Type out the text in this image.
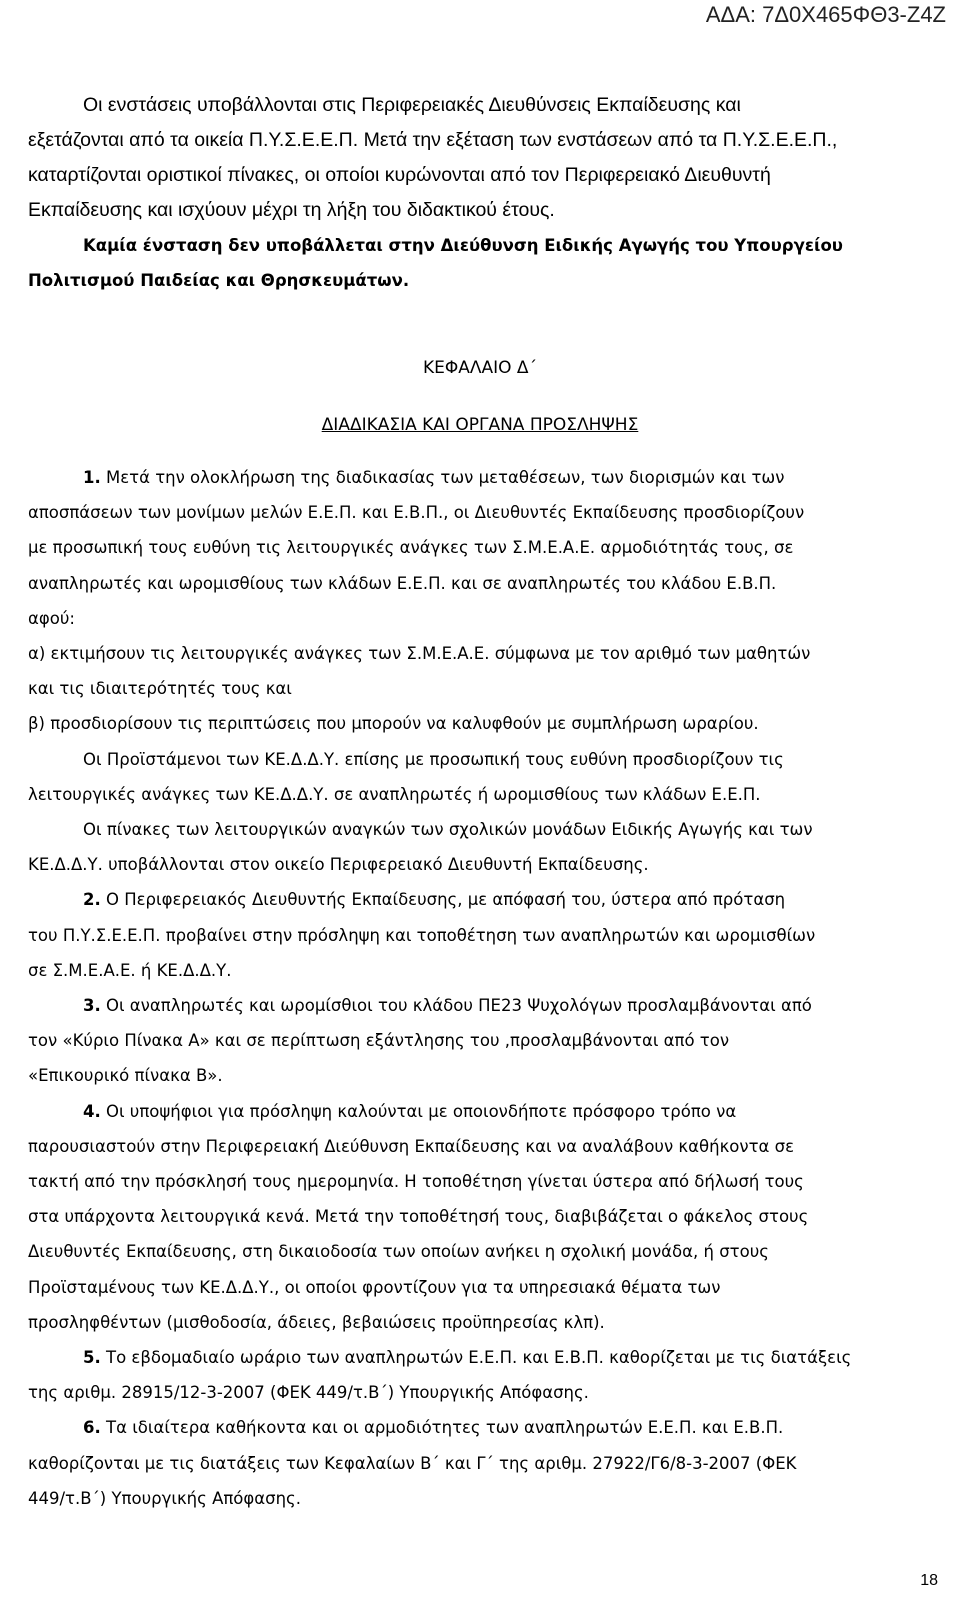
ΑΔΑ: 7Δ0Χ465ΦΘ3-Ζ4Ζ

Οι ενστάσεις υποβάλλονται στις Περιφερειακές Διευθύνσεις Εκπαίδευσης και

εξετάζονται από τα οικεία Π.Υ.Σ.Ε.Ε.Π. Μετά την εξέταση των ενστάσεων από τα Π.Υ.Σ.Ε.Ε.Π.,

καταρτίζονται οριστικοί πίνακες, οι οποίοι κυρώνονται από τον Περιφερειακό Διευθυντή

Εκπαίδευσης και ισχύουν μέχρι τη λήξη του διδακτικού έτους.

Καμία ένσταση δεν υποβάλλεται στην Διεύθυνση Ειδικής Αγωγής του Υπουργείου

Πολιτισμού Παιδείας και Θρησκευμάτων.

ΚΕΦΑΛΑΙΟ Δ΄
ΔΙΑΔΙΚΑΣΙΑ ΚΑΙ ΟΡΓΑΝΑ ΠΡΟΣΛΗΨΗΣ

1. Μετά την ολοκλήρωση της διαδικασίας των μεταθέσεων, των διορισμών και των

αποσπάσεων των μονίμων μελών Ε.Ε.Π. και Ε.Β.Π., οι Διευθυντές Εκπαίδευσης προσδιορίζουν

με προσωπική τους ευθύνη τις λειτουργικές ανάγκες των Σ.Μ.Ε.Α.Ε. αρμοδιότητάς τους, σε

αναπληρωτές και ωρομισθίους των κλάδων Ε.Ε.Π. και σε αναπληρωτές του κλάδου Ε.Β.Π.

αφού:

α) εκτιμήσουν τις λειτουργικές ανάγκες των Σ.Μ.Ε.Α.Ε. σύμφωνα με τον αριθμό των μαθητών

και τις ιδιαιτερότητές τους και

β) προσδιορίσουν τις περιπτώσεις που μπορούν να καλυφθούν με συμπλήρωση ωραρίου.

Οι Προϊστάμενοι των ΚΕ.Δ.Δ.Υ. επίσης με προσωπική τους ευθύνη προσδιορίζουν τις

λειτουργικές ανάγκες των ΚΕ.Δ.Δ.Υ. σε αναπληρωτές ή ωρομισθίους των κλάδων Ε.Ε.Π.

Οι πίνακες των λειτουργικών αναγκών των σχολικών μονάδων Ειδικής Αγωγής και των

ΚΕ.Δ.Δ.Υ. υποβάλλονται στον οικείο Περιφερειακό Διευθυντή Εκπαίδευσης.

2. Ο Περιφερειακός Διευθυντής Εκπαίδευσης, με απόφασή του, ύστερα από πρόταση

του Π.Υ.Σ.Ε.Ε.Π. προβαίνει στην πρόσληψη και τοποθέτηση των αναπληρωτών και ωρομισθίων

σε Σ.Μ.Ε.Α.Ε. ή ΚΕ.Δ.Δ.Υ.

3. Οι αναπληρωτές και ωρομίσθιοι του κλάδου ΠΕ23 Ψυχολόγων προσλαμβάνονται από

τον «Κύριο Πίνακα Α» και σε περίπτωση εξάντλησης του ,προσλαμβάνονται από τον

«Επικουρικό πίνακα Β».

4. Οι υποψήφιοι για πρόσληψη καλούνται με οποιονδήποτε πρόσφορο τρόπο να

παρουσιαστούν στην Περιφερειακή Διεύθυνση Εκπαίδευσης και να αναλάβουν καθήκοντα σε

τακτή από την πρόσκλησή τους ημερομηνία. Η τοποθέτηση γίνεται ύστερα από δήλωσή τους

στα υπάρχοντα λειτουργικά κενά. Μετά την τοποθέτησή τους, διαβιβάζεται ο φάκελος στους

Διευθυντές Εκπαίδευσης, στη δικαιοδοσία των οποίων ανήκει η σχολική μονάδα, ή στους

Προϊσταμένους των ΚΕ.Δ.Δ.Υ., οι οποίοι φροντίζουν για τα υπηρεσιακά θέματα των

προσληφθέντων (μισθοδοσία, άδειες, βεβαιώσεις προϋπηρεσίας κλπ).

5. Το εβδομαδιαίο ωράριο των αναπληρωτών Ε.Ε.Π. και Ε.Β.Π. καθορίζεται με τις διατάξεις

της αριθμ. 28915/12-3-2007 (ΦΕΚ 449/τ.Β΄) Υπουργικής Απόφασης.

6. Τα ιδιαίτερα καθήκοντα και οι αρμοδιότητες των αναπληρωτών Ε.Ε.Π. και Ε.Β.Π.

καθορίζονται με τις διατάξεις των Κεφαλαίων Β΄ και Γ΄ της αριθμ. 27922/Γ6/8-3-2007 (ΦΕΚ

449/τ.Β΄) Υπουργικής Απόφασης.

18
